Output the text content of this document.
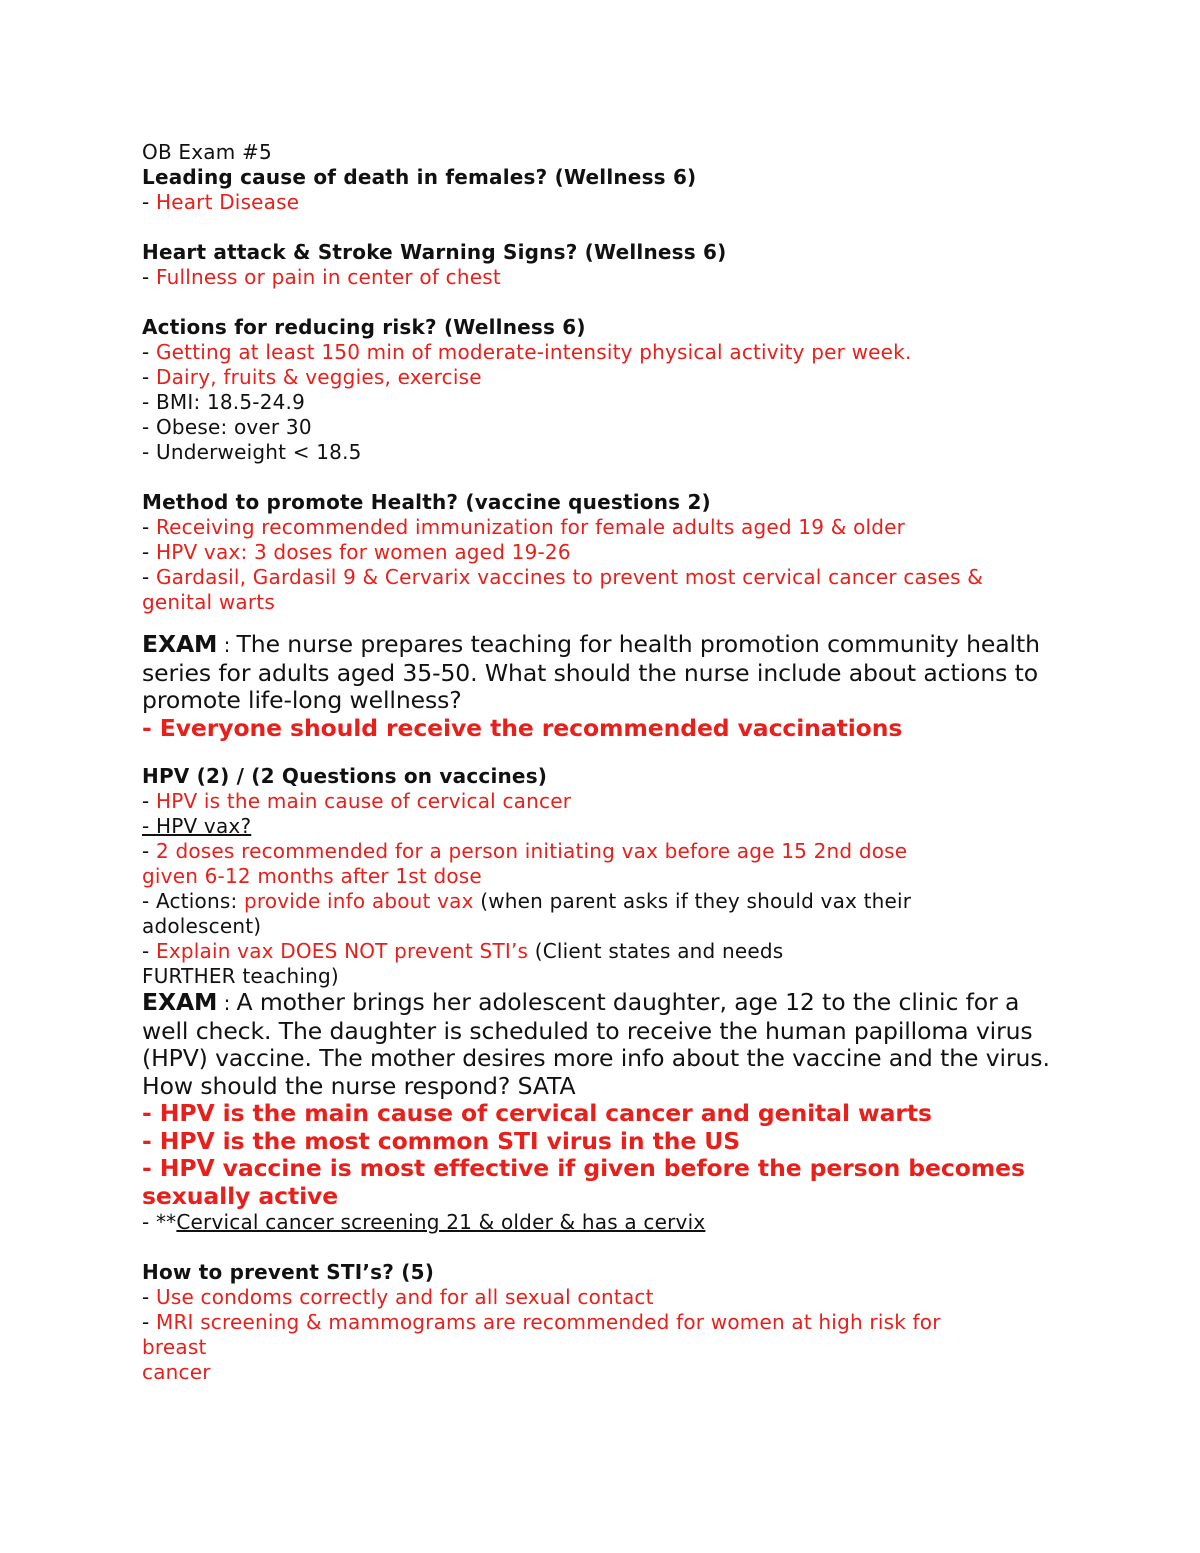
OB Exam #5
Leading cause of death in females? (Wellness 6)
- Heart Disease
Heart attack & Stroke Warning Signs? (Wellness 6)
- Fullness or pain in center of chest
Actions for reducing risk? (Wellness 6)
- Getting at least 150 min of moderate-intensity physical activity per week.
- Dairy, fruits & veggies, exercise
- BMI: 18.5-24.9
- Obese: over 30
- Underweight < 18.5
Method to promote Health? (vaccine questions 2)
- Receiving recommended immunization for female adults aged 19 & older
- HPV vax: 3 doses for women aged 19-26
- Gardasil, Gardasil 9 & Cervarix vaccines to prevent most cervical cancer cases &
genital warts
EXAM : The nurse prepares teaching for health promotion community health
series for adults aged 35-50. What should the nurse include about actions to
promote life-long wellness?
- Everyone should receive the recommended vaccinations
HPV (2) / (2 Questions on vaccines)
- HPV is the main cause of cervical cancer
- HPV vax?
- 2 doses recommended for a person initiating vax before age 15 2nd dose
given 6-12 months after 1st dose
- Actions: provide info about vax (when parent asks if they should vax their
adolescent)
- Explain vax DOES NOT prevent STI’s (Client states and needs
FURTHER teaching)
EXAM : A mother brings her adolescent daughter, age 12 to the clinic for a
well check. The daughter is scheduled to receive the human papilloma virus
(HPV) vaccine. The mother desires more info about the vaccine and the virus.
How should the nurse respond? SATA
- HPV is the main cause of cervical cancer and genital warts
- HPV is the most common STI virus in the US
- HPV vaccine is most effective if given before the person becomes
sexually active
- **Cervical cancer screening 21 & older & has a cervix
How to prevent STI’s? (5)
- Use condoms correctly and for all sexual contact
- MRI screening & mammograms are recommended for women at high risk for
breast
cancer
